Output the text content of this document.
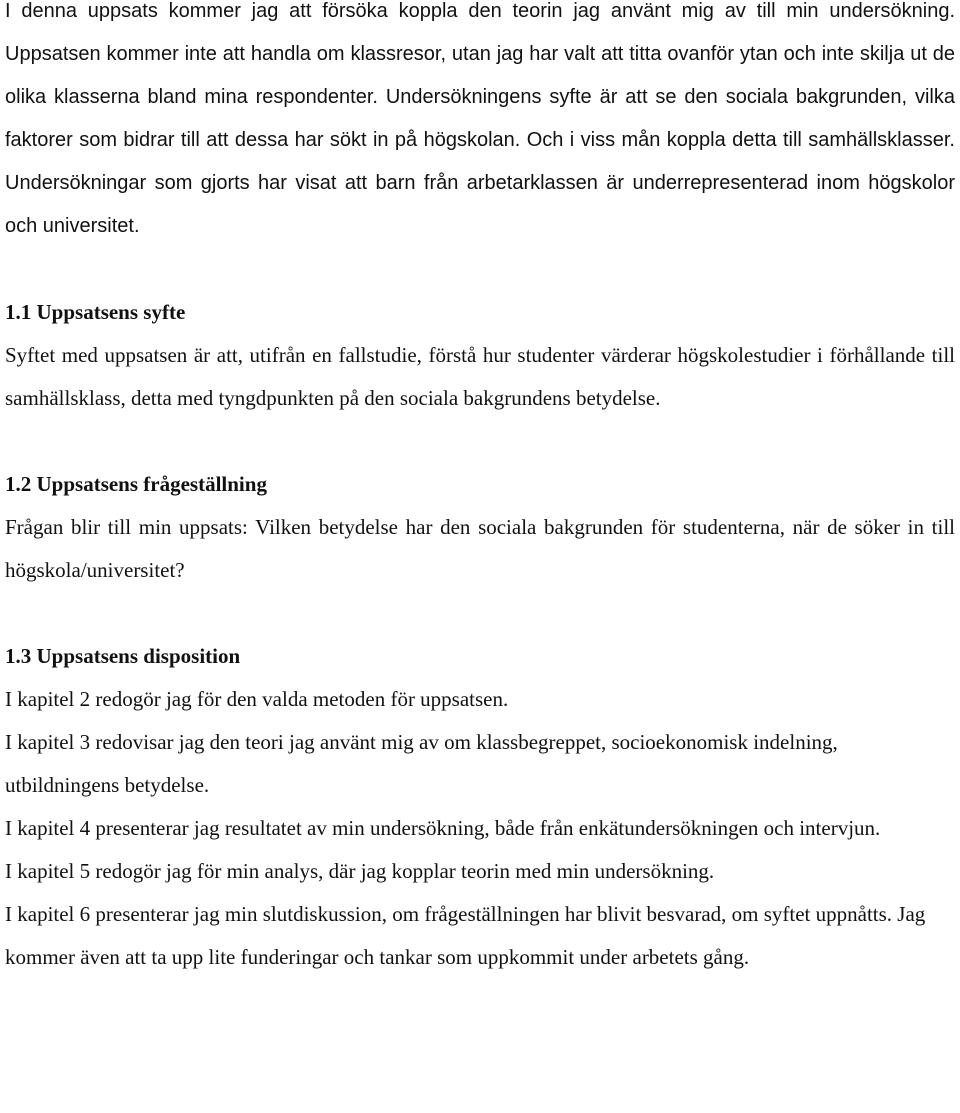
I denna uppsats kommer jag att försöka koppla den teorin jag använt mig av till min undersökning. Uppsatsen kommer inte att handla om klassresor, utan jag har valt att titta ovanför ytan och inte skilja ut de olika klasserna bland mina respondenter. Undersökningens syfte är att se den sociala bakgrunden, vilka faktorer som bidrar till att dessa har sökt in på högskolan. Och i viss mån koppla detta till samhällsklasser. Undersökningar som gjorts har visat att barn från arbetarklassen är underrepresenterad inom högskolor och universitet.

1.1 Uppsatsens syfte

Syftet med uppsatsen är att, utifrån en fallstudie, förstå hur studenter värderar högskolestudier i förhållande till samhällsklass, detta med tyngdpunkten på den sociala bakgrundens betydelse.

1.2 Uppsatsens frågeställning

Frågan blir till min uppsats: Vilken betydelse har den sociala bakgrunden för studenterna, när de söker in till högskola/universitet?

1.3 Uppsatsens disposition

I kapitel 2 redogör jag för den valda metoden för uppsatsen.

I kapitel 3 redovisar jag den teori jag använt mig av om klassbegreppet, socioekonomisk indelning, utbildningens betydelse.

I kapitel 4 presenterar jag resultatet av min undersökning, både från enkätundersökningen och intervjun.

I kapitel 5 redogör jag för min analys, där jag kopplar teorin med min undersökning.

I kapitel 6 presenterar jag min slutdiskussion, om frågeställningen har blivit besvarad, om syftet uppnåtts. Jag kommer även att ta upp lite funderingar och tankar som uppkommit under arbetets gång.
